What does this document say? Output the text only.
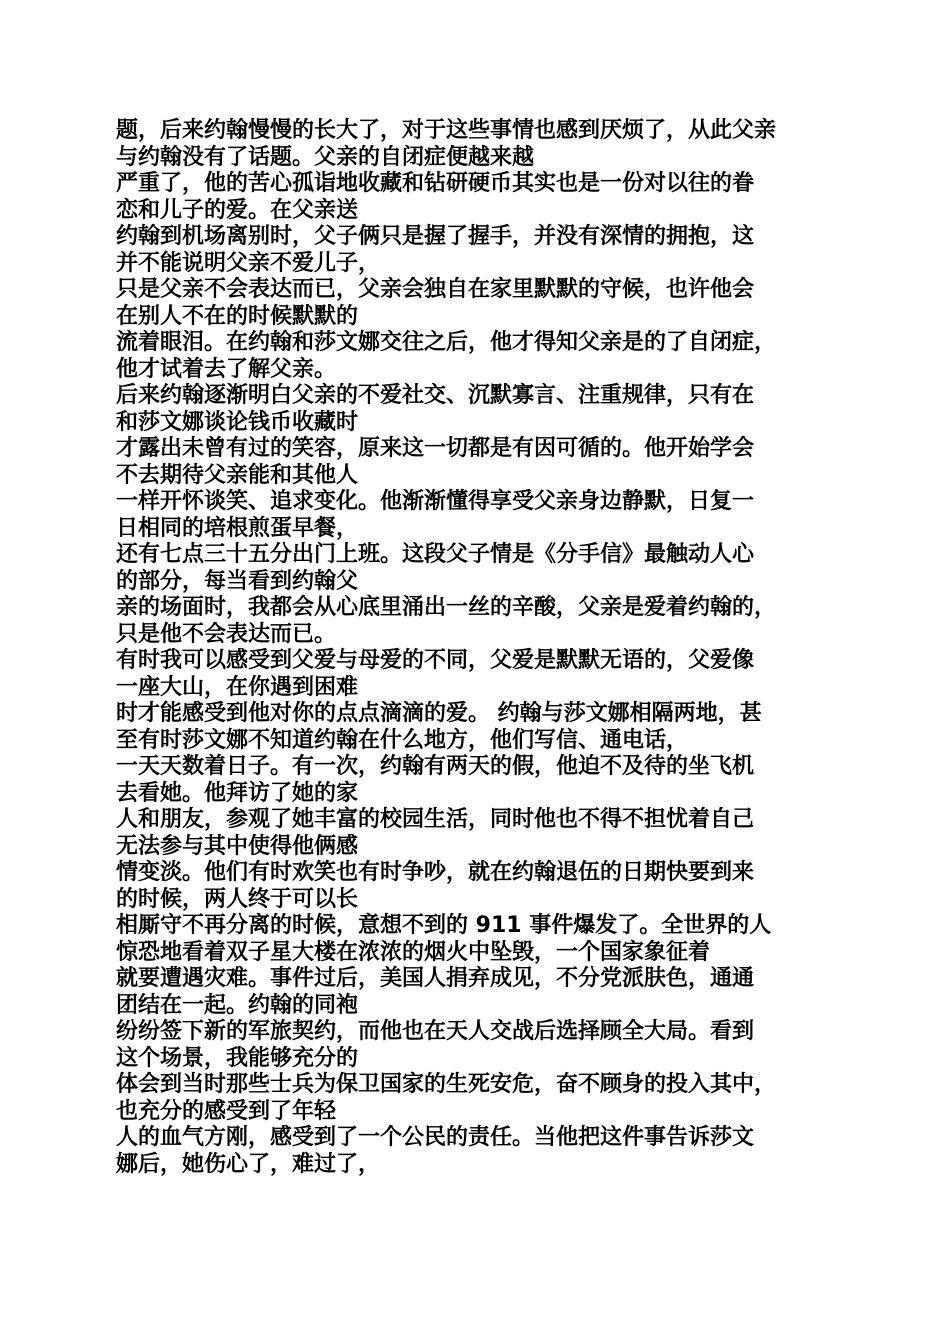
题，后来约翰慢慢的长大了，对于这些事情也感到厌烦了，从此父亲
与约翰没有了话题。父亲的自闭症便越来越
严重了，他的苦心孤诣地收藏和钻研硬币其实也是一份对以往的眷
恋和儿子的爱。在父亲送
约翰到机场离别时，父子俩只是握了握手，并没有深情的拥抱，这
并不能说明父亲不爱儿子，
只是父亲不会表达而已，父亲会独自在家里默默的守候，也许他会
在别人不在的时候默默的
流着眼泪。在约翰和莎文娜交往之后，他才得知父亲是的了自闭症，
他才试着去了解父亲。
后来约翰逐渐明白父亲的不爱社交、沉默寡言、注重规律，只有在
和莎文娜谈论钱币收藏时
才露出未曾有过的笑容，原来这一切都是有因可循的。他开始学会
不去期待父亲能和其他人
一样开怀谈笑、追求变化。他渐渐懂得享受父亲身边静默，日复一
日相同的培根煎蛋早餐，
还有七点三十五分出门上班。这段父子情是《分手信》最触动人心
的部分，每当看到约翰父
亲的场面时，我都会从心底里涌出一丝的辛酸，父亲是爱着约翰的，
只是他不会表达而已。
有时我可以感受到父爱与母爱的不同，父爱是默默无语的，父爱像
一座大山，在你遇到困难
时才能感受到他对你的点点滴滴的爱。 约翰与莎文娜相隔两地，甚
至有时莎文娜不知道约翰在什么地方，他们写信、通电话，
一天天数着日子。有一次，约翰有两天的假，他迫不及待的坐飞机
去看她。他拜访了她的家
人和朋友，参观了她丰富的校园生活，同时他也不得不担忧着自己
无法参与其中使得他俩感
情变淡。他们有时欢笑也有时争吵，就在约翰退伍的日期快要到来
的时候，两人终于可以长
相厮守不再分离的时候，意想不到的 911 事件爆发了。全世界的人
惊恐地看着双子星大楼在浓浓的烟火中坠毁，一个国家象征着
就要遭遇灾难。事件过后，美国人捐弃成见，不分党派肤色，通通
团结在一起。约翰的同袍
纷纷签下新的军旅契约，而他也在天人交战后选择顾全大局。看到
这个场景，我能够充分的
体会到当时那些士兵为保卫国家的生死安危，奋不顾身的投入其中，
也充分的感受到了年轻
人的血气方刚，感受到了一个公民的责任。当他把这件事告诉莎文
娜后，她伤心了，难过了，
